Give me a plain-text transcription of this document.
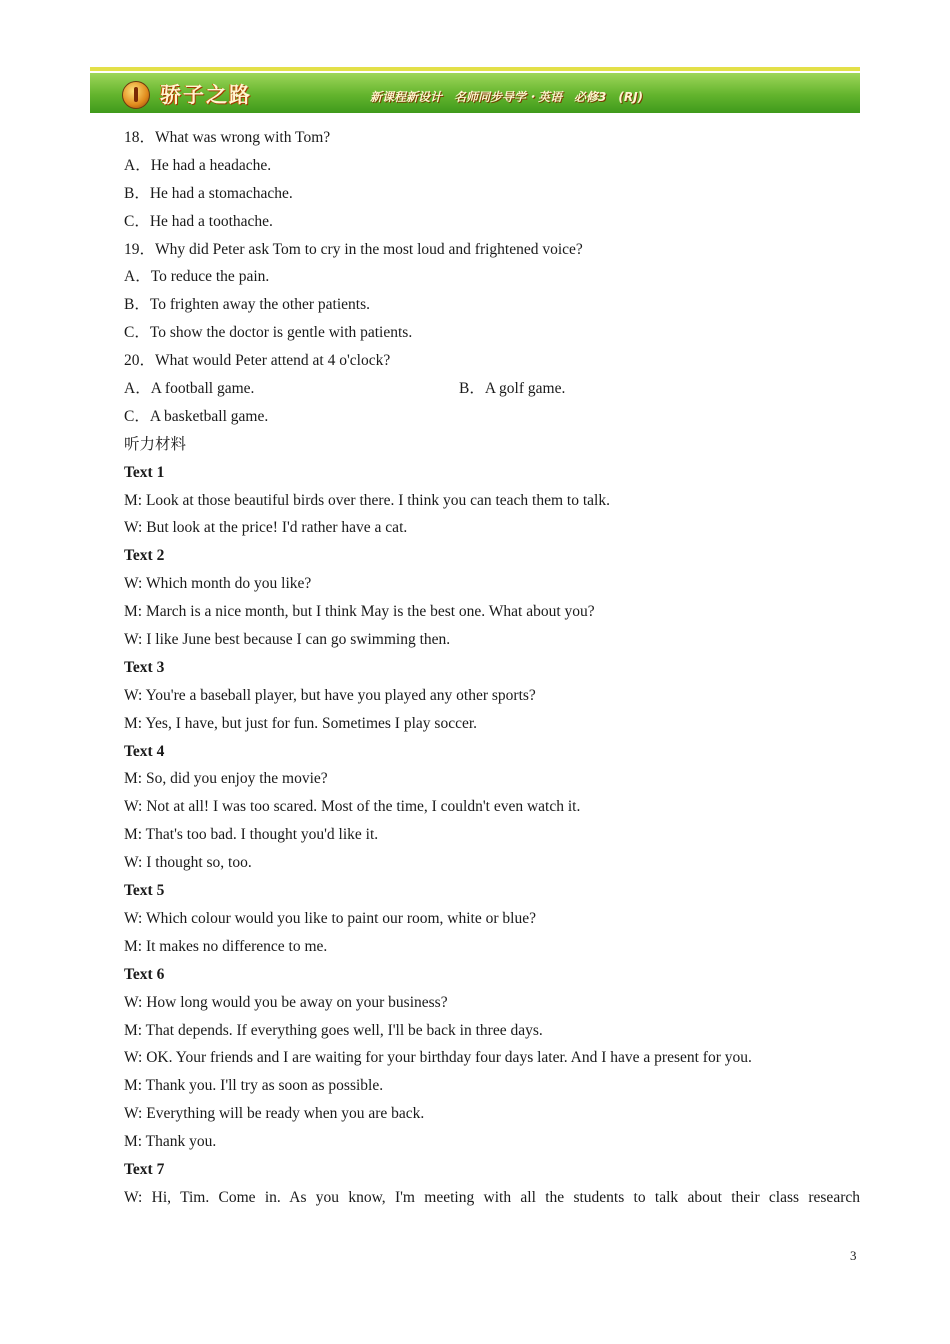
骄子之路	新课程新设计　名师同步导学・英语　必修3　(RJ)
18．What was wrong with Tom?
A．He had a headache.
B．He had a stomachache.
C．He had a toothache.
19．Why did Peter ask Tom to cry in the most loud and frightened voice?
A．To reduce the pain.
B．To frighten away the other patients.
C．To show the doctor is gentle with patients.
20．What would Peter attend at 4 o'clock?
A．A football game.	B．A golf game.
C．A basketball game.
听力材料
Text 1
M: Look at those beautiful birds over there. I think you can teach them to talk.
W: But look at the price! I'd rather have a cat.
Text 2
W: Which month do you like?
M: March is a nice month, but I think May is the best one. What about you?
W: I like June best because I can go swimming then.
Text 3
W: You're a baseball player, but have you played any other sports?
M: Yes, I have, but just for fun. Sometimes I play soccer.
Text 4
M: So, did you enjoy the movie?
W: Not at all! I was too scared. Most of the time, I couldn't even watch it.
M: That's too bad. I thought you'd like it.
W: I thought so, too.
Text 5
W: Which colour would you like to paint our room, white or blue?
M: It makes no difference to me.
Text 6
W: How long would you be away on your business?
M: That depends. If everything goes well, I'll be back in three days.
W: OK. Your friends and I are waiting for your birthday four days later. And I have a present for you.
M: Thank you. I'll try as soon as possible.
W: Everything will be ready when you are back.
M: Thank you.
Text 7
W: Hi, Tim. Come in. As you know, I'm meeting with all the students to talk about their class research
3
